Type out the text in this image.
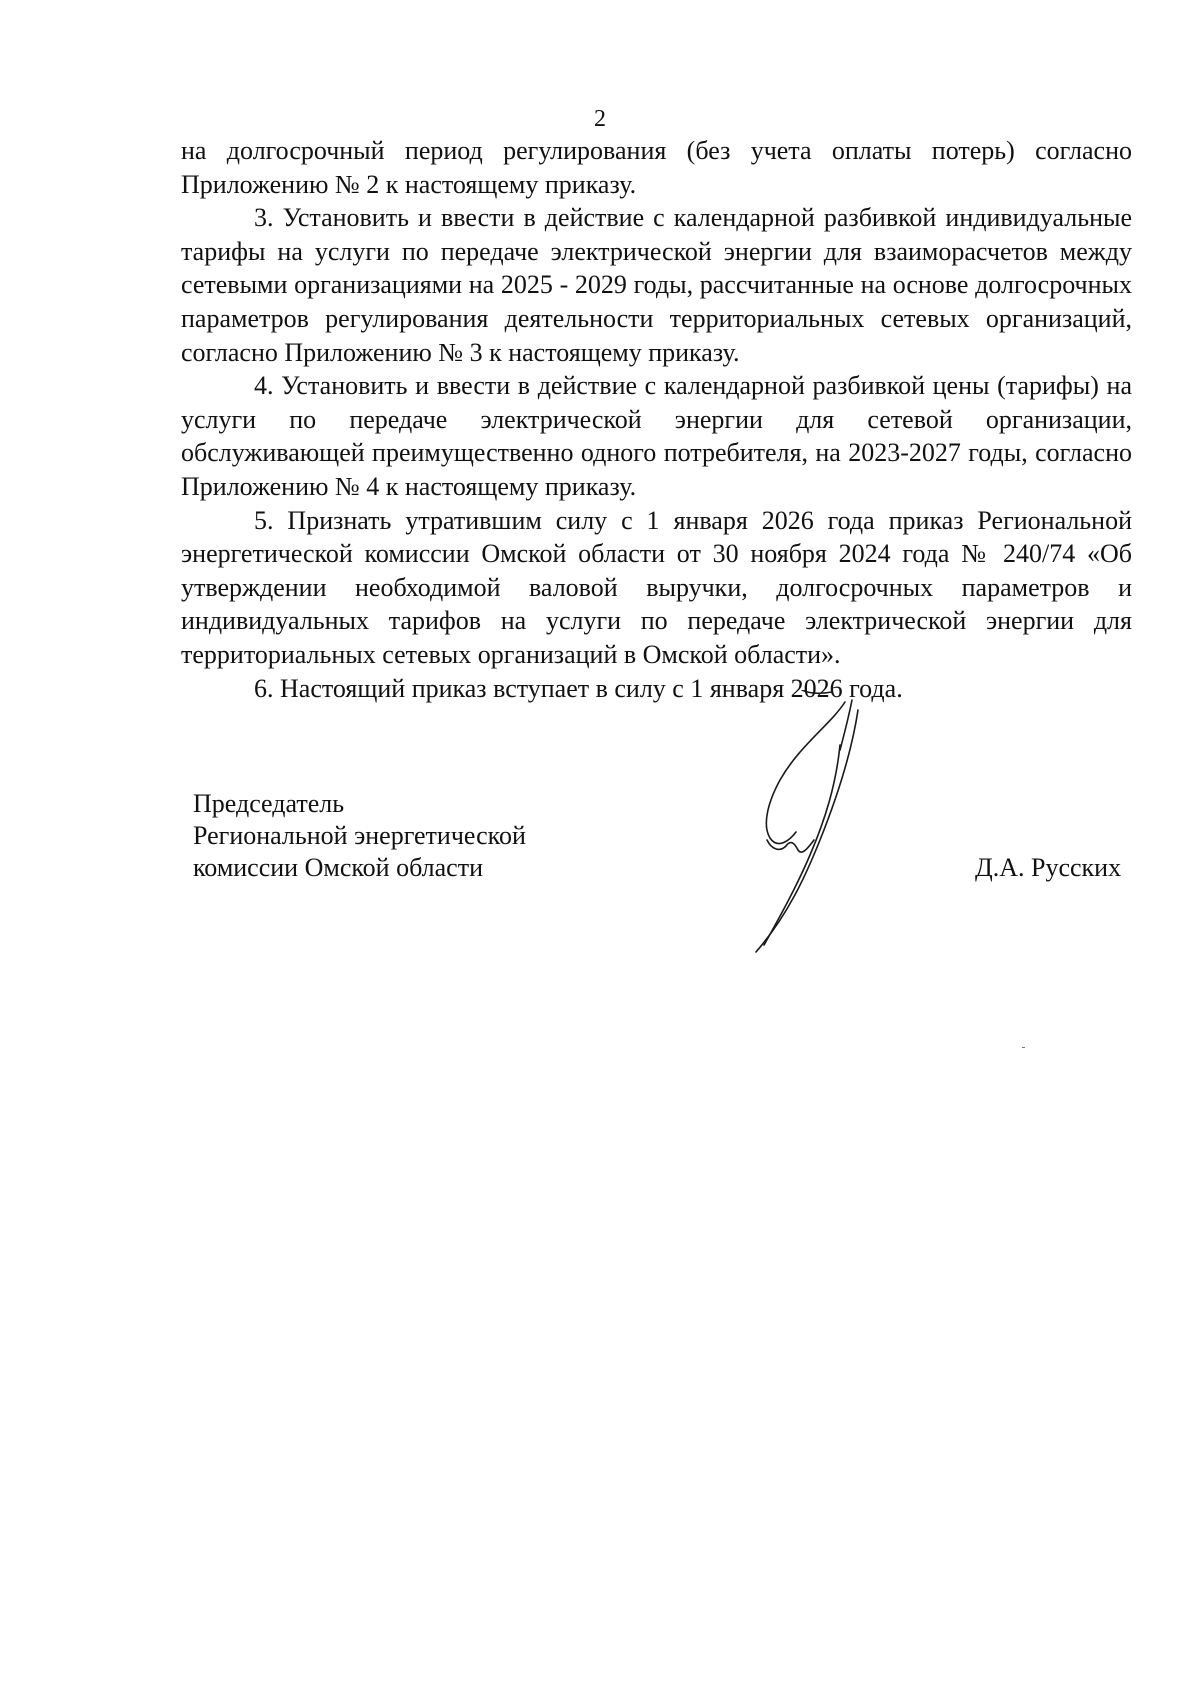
2

на долгосрочный период регулирования (без учета оплаты потерь) согласно Приложению № 2 к настоящему приказу.

3. Установить и ввести в действие с календарной разбивкой индивидуальные тарифы на услуги по передаче электрической энергии для взаиморасчетов между сетевыми организациями на 2025 - 2029 годы, рассчитанные на основе долгосрочных параметров регулирования деятельности территориальных сетевых организаций, согласно Приложению № 3 к настоящему приказу.

4. Установить и ввести в действие с календарной разбивкой цены (тарифы) на услуги по передаче электрической энергии для сетевой организации, обслуживающей преимущественно одного потребителя, на 2023-2027 годы, согласно Приложению № 4 к настоящему приказу.

5. Признать утратившим силу с 1 января 2026 года приказ Региональной энергетической комиссии Омской области от 30 ноября 2024 года № 240/74 «Об утверждении необходимой валовой выручки, долгосрочных параметров и индивидуальных тарифов на услуги по передаче электрической энергии для территориальных сетевых организаций в Омской области».

6. Настоящий приказ вступает в силу с 1 января 2026 года.

Председатель
Региональной энергетической
комиссии Омской области	Д.А. Русских
